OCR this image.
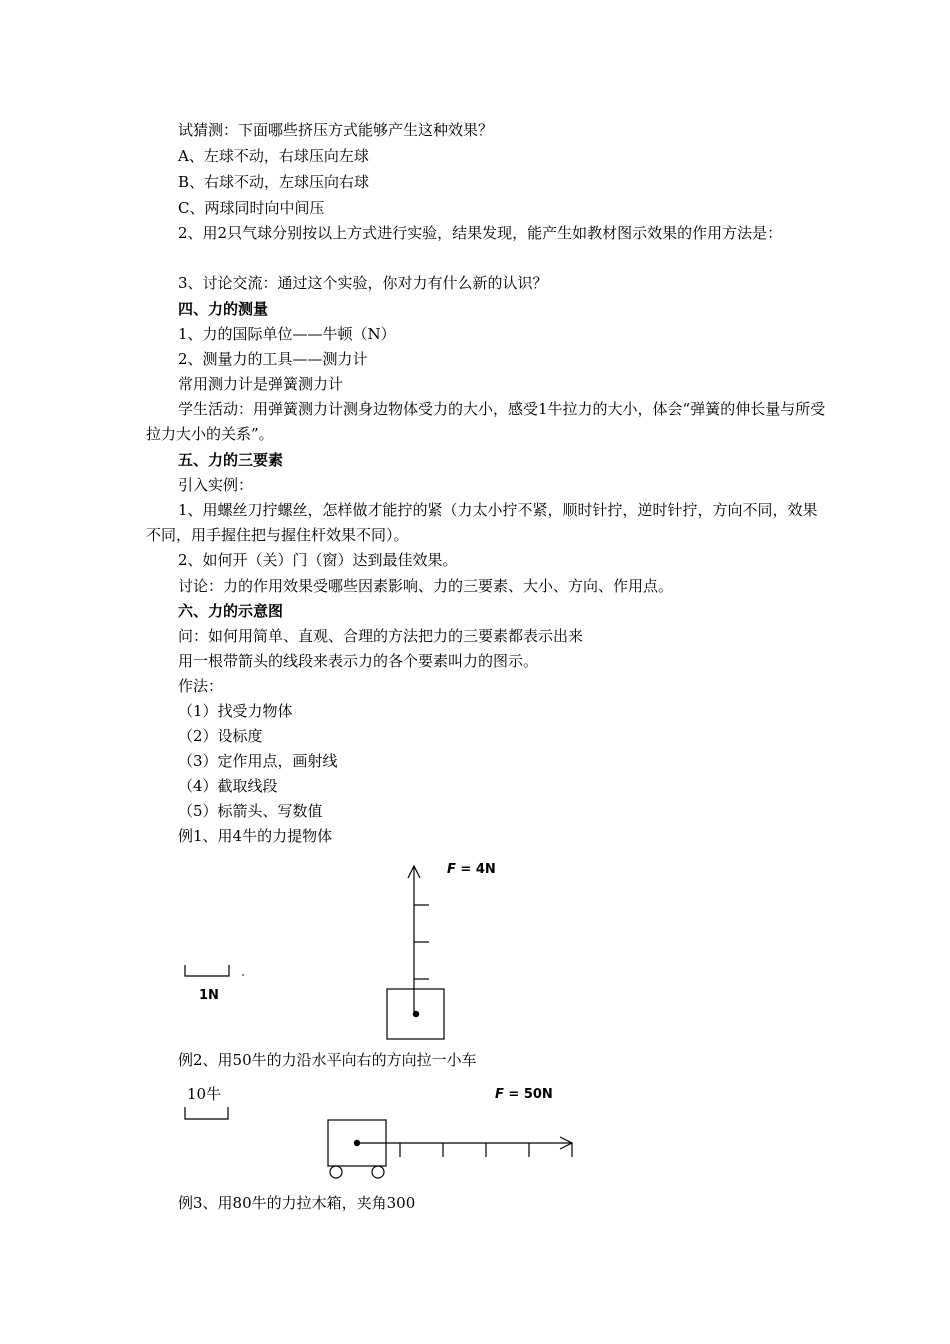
试猜测：下面哪些挤压方式能够产生这种效果？
A、左球不动，右球压向左球
B、右球不动，左球压向右球
C、两球同时向中间压
2、用2只气球分别按以上方式进行实验，结果发现，能产生如教材图示效果的作用方法是：
3、讨论交流：通过这个实验，你对力有什么新的认识？
四、力的测量
1、力的国际单位——牛顿（N）
2、测量力的工具——测力计
常用测力计是弹簧测力计
学生活动：用弹簧测力计测身边物体受力的大小，感受1牛拉力的大小，体会“弹簧的伸长量与所受拉力大小的关系”。
五、力的三要素
引入实例：
1、用螺丝刀拧螺丝，怎样做才能拧的紧（力太小拧不紧，顺时针拧，逆时针拧，方向不同，效果不同，用手握住把与握住杆效果不同）。
2、如何开（关）门（窗）达到最佳效果。
讨论：力的作用效果受哪些因素影响、力的三要素、大小、方向、作用点。
六、力的示意图
问：如何用简单、直观、合理的方法把力的三要素都表示出来
用一根带箭头的线段来表示力的各个要素叫力的图示。
作法：
（1）找受力物体
（2）设标度
（3）定作用点，画射线
（4）截取线段
（5）标箭头、写数值
例1、用4牛的力提物体
F = 4N
1N
例2、用50牛的力沿水平向右的方向拉一小车
F = 50N
10牛
例3、用80牛的力拉木箱，夹角300
